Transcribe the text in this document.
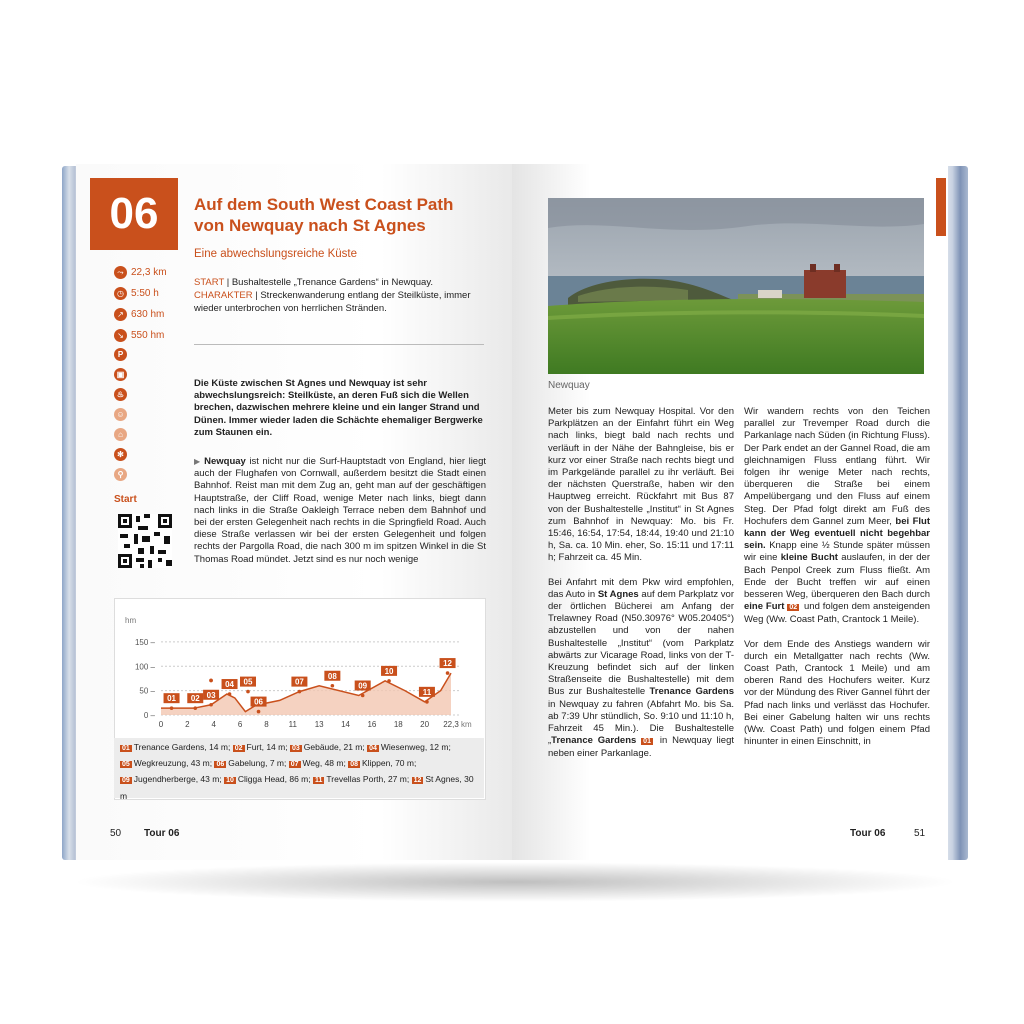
06	Auf dem South West Coast Path
von Newquay nach St Agnes
Eine abwechslungsreiche Küste
⤳ 22,3 km
◷ 5:50 h
↗ 630 hm
↘ 550 hm
P
▣
♨
☺
⌂
✻
⚲
Start
START | Bushaltestelle „Trenance Gardens“ in Newquay.
CHARAKTER | Streckenwanderung entlang der Steilküste, immer wieder unterbrochen von herrlichen Stränden.
Die Küste zwischen St Agnes und Newquay ist sehr abwechslungsreich: Steilküste, an deren Fuß sich die Wellen brechen, dazwischen mehrere kleine und ein langer Strand und Dünen. Immer wieder laden die Schächte ehemaliger Bergwerke zum Staunen ein.
▶ Newquay ist nicht nur die Surf-Hauptstadt von England, hier liegt auch der Flughafen von Cornwall, außerdem besitzt die Stadt einen Bahnhof. Reist man mit dem Zug an, geht man auf der geschäftigen Hauptstraße, der Cliff Road, wenige Meter nach links, biegt dann nach links in die Straße Oakleigh Terrace neben dem Bahnhof und bei der ersten Gelegenheit nach rechts in die Springfield Road. Auch diese Straße verlassen wir bei der ersten Gelegenheit und folgen rechts der Pargolla Road, die nach 300 m im spitzen Winkel in die St Thomas Road mündet. Jetzt sind es nur noch wenige
hm
0 –
50 –
100 –
150 –
0	2	4	6	8 11 13 14 16 18 20 22,3 km
01 02 03
04 05
06
07
08
09
10
11
12
●
01 Trenance Gardens, 14 m; 02 Furt, 14 m; 03 Gebäude, 21 m; 04 Wiesenweg, 12 m; 05 Wegkreuzung, 43 m; 06 Gabelung, 7 m; 07 Weg, 48 m; 08 Klippen, 70 m; 09 Jugendherberge, 43 m; 10 Cligga Head, 86 m; 11 Trevellas Porth, 27 m; 12 St Agnes, 30 m
50 Tour 06
Newquay

Meter bis zum Newquay Hospital. Vor den Parkplätzen an der Einfahrt führt ein Weg nach links, biegt bald nach rechts und verläuft in der Nähe der Bahngleise, bis er kurz vor einer Straße nach rechts biegt und im Parkgelände parallel zu ihr verläuft. Bei der nächsten Querstraße, haben wir den Hauptweg erreicht. Rückfahrt mit Bus 87 von der Bushaltestelle „Institut“ in St Agnes zum Bahnhof in Newquay: Mo. bis Fr. 15:46, 16:54, 17:54, 18:44, 19:40 und 21:10 h, Sa. ca. 10 Min. eher, So. 15:11 und 17:11 h; Fahrzeit ca. 45 Min.

Bei Anfahrt mit dem Pkw wird empfohlen, das Auto in St Agnes auf dem Parkplatz vor der örtlichen Bücherei am Anfang der Trelawney Road (N50.30976° W05.20405°) abzustellen und von der nahen Bushaltestelle „Institut“ (vom Parkplatz abwärts zur Vicarage Road, links von der T-Kreuzung befindet sich auf der linken Straßenseite die Bushaltestelle) mit dem Bus zur Bushaltestelle Trenance Gardens in Newquay zu fahren (Abfahrt Mo. bis Sa. ab 7:39 Uhr stündlich, So. 9:10 und 11:10 h, Fahrzeit 45 Min.). Die Bushaltestelle „Trenance Gardens 01 in Newquay liegt neben einer Parkanlage.

Wir wandern rechts von den Teichen parallel zur Trevemper Road durch die Parkanlage nach Süden (in Richtung Fluss). Der Park endet an der Gannel Road, die am gleichnamigen Fluss entlang führt. Wir folgen ihr wenige Meter nach rechts, überqueren die Straße bei einem Ampelübergang und den Fluss auf einem Steg. Der Pfad folgt direkt am Fuß des Hochufers dem Gannel zum Meer, bei Flut kann der Weg eventuell nicht begehbar sein. Knapp eine ½ Stunde später müssen wir eine kleine Bucht auslaufen, in der der Bach Penpol Creek zum Fluss fließt. Am Ende der Bucht treffen wir auf einen besseren Weg, überqueren den Bach durch eine Furt 02 und folgen dem ansteigenden Weg (Ww. Coast Path, Crantock 1 Meile).

Vor dem Ende des Anstiegs wandern wir durch ein Metallgatter nach rechts (Ww. Coast Path, Crantock 1 Meile) und am oberen Rand des Hochufers weiter. Kurz vor der Mündung des River Gannel führt der Pfad nach links und verlässt das Hochufer. Bei einer Gabelung halten wir uns rechts (Ww. Coast Path) und folgen einem Pfad hinunter in einen Einschnitt, in

Tour 06	51
